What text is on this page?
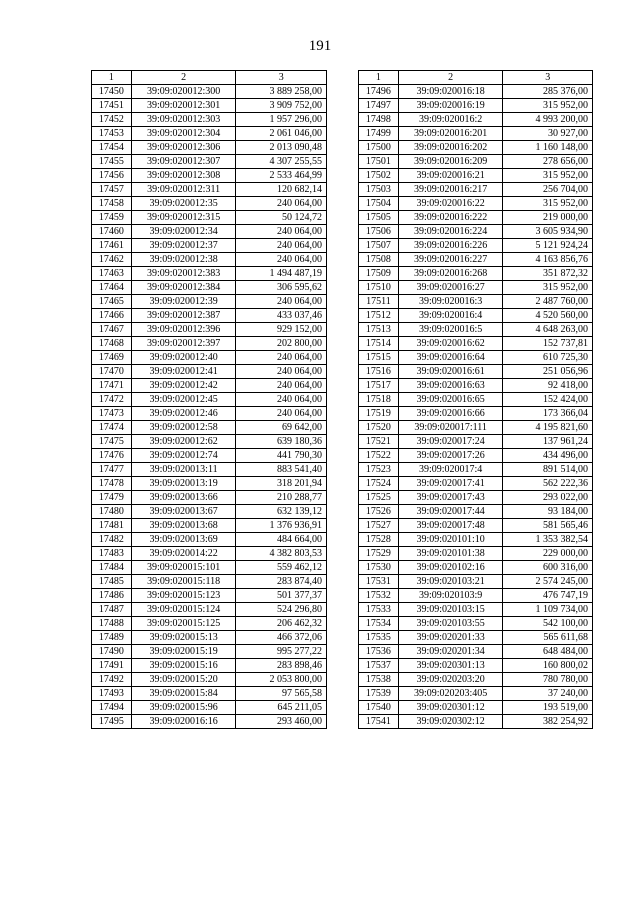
191
1	2	3
17450	39:09:020012:300	3 889 258,00
17451	39:09:020012:301	3 909 752,00
17452	39:09:020012:303	1 957 296,00
17453	39:09:020012:304	2 061 046,00
17454	39:09:020012:306	2 013 090,48
17455	39:09:020012:307	4 307 255,55
17456	39:09:020012:308	2 533 464,99
17457	39:09:020012:311	120 682,14
17458	39:09:020012:35	240 064,00
17459	39:09:020012:315	50 124,72
17460	39:09:020012:34	240 064,00
17461	39:09:020012:37	240 064,00
17462	39:09:020012:38	240 064,00
17463	39:09:020012:383	1 494 487,19
17464	39:09:020012:384	306 595,62
17465	39:09:020012:39	240 064,00
17466	39:09:020012:387	433 037,46
17467	39:09:020012:396	929 152,00
17468	39:09:020012:397	202 800,00
17469	39:09:020012:40	240 064,00
17470	39:09:020012:41	240 064,00
17471	39:09:020012:42	240 064,00
17472	39:09:020012:45	240 064,00
17473	39:09:020012:46	240 064,00
17474	39:09:020012:58	69 642,00
17475	39:09:020012:62	639 180,36
17476	39:09:020012:74	441 790,30
17477	39:09:020013:11	883 541,40
17478	39:09:020013:19	318 201,94
17479	39:09:020013:66	210 288,77
17480	39:09:020013:67	632 139,12
17481	39:09:020013:68	1 376 936,91
17482	39:09:020013:69	484 664,00
17483	39:09:020014:22	4 382 803,53
17484	39:09:020015:101	559 462,12
17485	39:09:020015:118	283 874,40
17486	39:09:020015:123	501 377,37
17487	39:09:020015:124	524 296,80
17488	39:09:020015:125	206 462,32
17489	39:09:020015:13	466 372,06
17490	39:09:020015:19	995 277,22
17491	39:09:020015:16	283 898,46
17492	39:09:020015:20	2 053 800,00
17493	39:09:020015:84	97 565,58
17494	39:09:020015:96	645 211,05
17495	39:09:020016:16	293 460,00
1	2	3
17496	39:09:020016:18	285 376,00
17497	39:09:020016:19	315 952,00
17498	39:09:020016:2	4 993 200,00
17499	39:09:020016:201	30 927,00
17500	39:09:020016:202	1 160 148,00
17501	39:09:020016:209	278 656,00
17502	39:09:020016:21	315 952,00
17503	39:09:020016:217	256 704,00
17504	39:09:020016:22	315 952,00
17505	39:09:020016:222	219 000,00
17506	39:09:020016:224	3 605 934,90
17507	39:09:020016:226	5 121 924,24
17508	39:09:020016:227	4 163 856,76
17509	39:09:020016:268	351 872,32
17510	39:09:020016:27	315 952,00
17511	39:09:020016:3	2 487 760,00
17512	39:09:020016:4	4 520 560,00
17513	39:09:020016:5	4 648 263,00
17514	39:09:020016:62	152 737,81
17515	39:09:020016:64	610 725,30
17516	39:09:020016:61	251 056,96
17517	39:09:020016:63	92 418,00
17518	39:09:020016:65	152 424,00
17519	39:09:020016:66	173 366,04
17520	39:09:020017:111	4 195 821,60
17521	39:09:020017:24	137 961,24
17522	39:09:020017:26	434 496,00
17523	39:09:020017:4	891 514,00
17524	39:09:020017:41	562 222,36
17525	39:09:020017:43	293 022,00
17526	39:09:020017:44	93 184,00
17527	39:09:020017:48	581 565,46
17528	39:09:020101:10	1 353 382,54
17529	39:09:020101:38	229 000,00
17530	39:09:020102:16	600 316,00
17531	39:09:020103:21	2 574 245,00
17532	39:09:020103:9	476 747,19
17533	39:09:020103:15	1 109 734,00
17534	39:09:020103:55	542 100,00
17535	39:09:020201:33	565 611,68
17536	39:09:020201:34	648 484,00
17537	39:09:020301:13	160 800,02
17538	39:09:020203:20	780 780,00
17539	39:09:020203:405	37 240,00
17540	39:09:020301:12	193 519,00
17541	39:09:020302:12	382 254,92
